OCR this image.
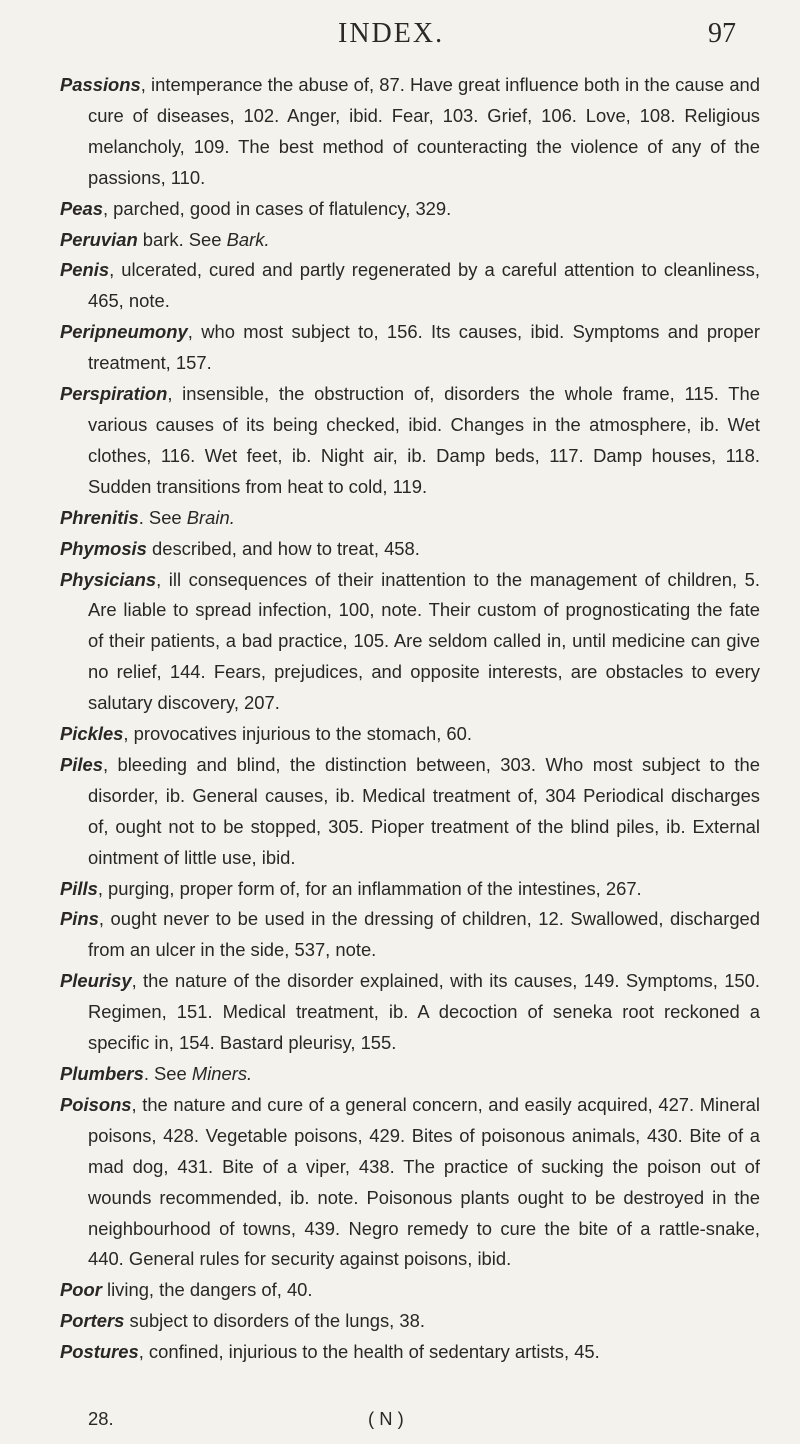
INDEX.	97

Passions, intemperance the abuse of, 87. Have great influence both in the cause and cure of diseases, 102. Anger, ibid. Fear, 103. Grief, 106. Love, 108. Religious melancholy, 109. The best method of counteracting the violence of any of the passions, 110.

Peas, parched, good in cases of flatulency, 329.

Peruvian bark. See Bark.

Penis, ulcerated, cured and partly regenerated by a careful attention to cleanliness, 465, note.

Peripneumony, who most subject to, 156. Its causes, ibid. Symptoms and proper treatment, 157.

Perspiration, insensible, the obstruction of, disorders the whole frame, 115. The various causes of its being checked, ibid. Changes in the atmosphere, ib. Wet clothes, 116. Wet feet, ib. Night air, ib. Damp beds, 117. Damp houses, 118. Sudden transitions from heat to cold, 119.

Phrenitis. See Brain.

Phymosis described, and how to treat, 458.

Physicians, ill consequences of their inattention to the management of children, 5. Are liable to spread infection, 100, note. Their custom of prognosticating the fate of their patients, a bad practice, 105. Are seldom called in, until medicine can give no relief, 144. Fears, prejudices, and opposite interests, are obstacles to every salutary discovery, 207.

Pickles, provocatives injurious to the stomach, 60.

Piles, bleeding and blind, the distinction between, 303. Who most subject to the disorder, ib. General causes, ib. Medical treatment of, 304 Periodical discharges of, ought not to be stopped, 305. Pioper treatment of the blind piles, ib. External ointment of little use, ibid.

Pills, purging, proper form of, for an inflammation of the intestines, 267.

Pins, ought never to be used in the dressing of children, 12. Swallowed, discharged from an ulcer in the side, 537, note.

Pleurisy, the nature of the disorder explained, with its causes, 149. Symptoms, 150. Regimen, 151. Medical treatment, ib. A decoction of seneka root reckoned a specific in, 154. Bastard pleurisy, 155.

Plumbers. See Miners.

Poisons, the nature and cure of a general concern, and easily acquired, 427. Mineral poisons, 428. Vegetable poisons, 429. Bites of poisonous animals, 430. Bite of a mad dog, 431. Bite of a viper, 438. The practice of sucking the poison out of wounds recommended, ib. note. Poisonous plants ought to be destroyed in the neighbourhood of towns, 439. Negro remedy to cure the bite of a rattle-snake, 440. General rules for security against poisons, ibid.

Poor living, the dangers of, 40.

Porters subject to disorders of the lungs, 38.

Postures, confined, injurious to the health of sedentary artists, 45.

28.	( N )
